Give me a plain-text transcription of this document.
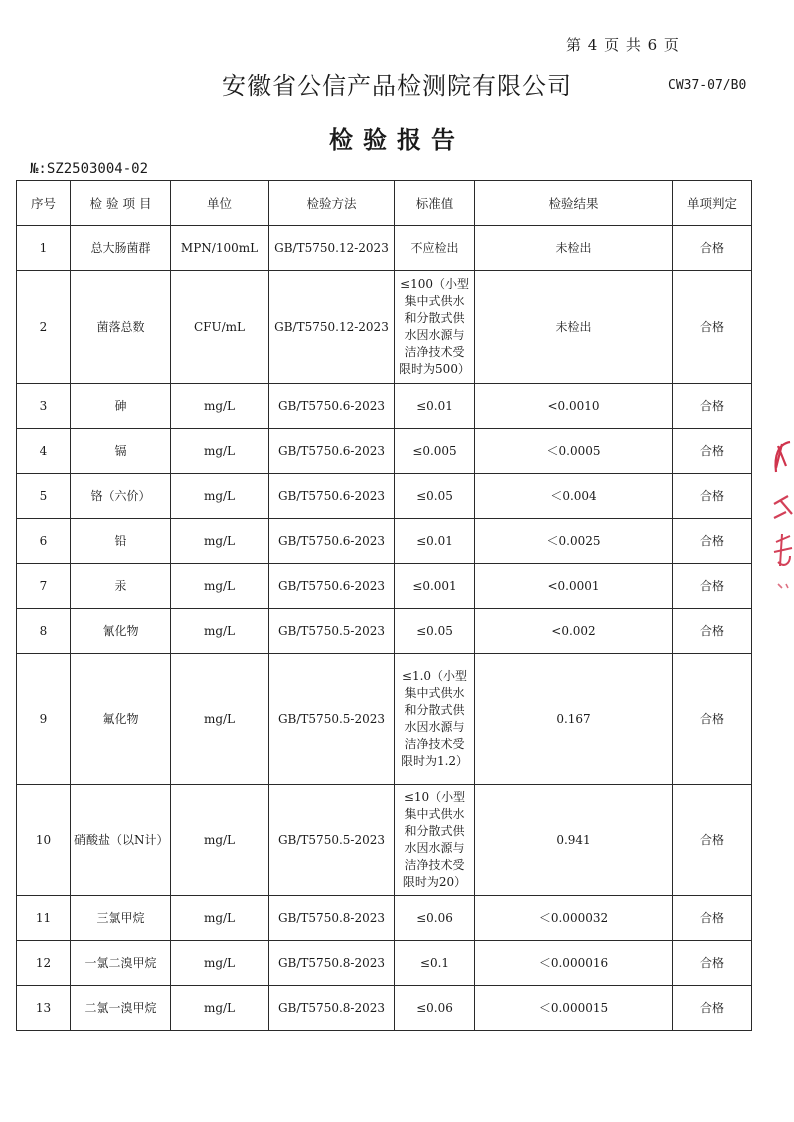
第 4 页 共 6 页
安徽省公信产品检测院有限公司	CW37-07/B0
检验报告
№:SZ2503004-02
序号	检 验 项 目	单位	检验方法	标准值	检验结果	单项判定
1	总大肠菌群	MPN/100mL	GB/T5750.12-2023	不应检出	未检出	合格
2	菌落总数	CFU/mL	GB/T5750.12-2023	≤100（小型集中式供水和分散式供水因水源与洁净技术受限时为500）	未检出	合格
3	砷	mg/L	GB/T5750.6-2023	≤0.01	<0.0010	合格
4	镉	mg/L	GB/T5750.6-2023	≤0.005	＜0.0005	合格
5	铬（六价）	mg/L	GB/T5750.6-2023	≤0.05	＜0.004	合格
6	铅	mg/L	GB/T5750.6-2023	≤0.01	＜0.0025	合格
7	汞	mg/L	GB/T5750.6-2023	≤0.001	<0.0001	合格
8	氰化物	mg/L	GB/T5750.5-2023	≤0.05	<0.002	合格
9	氟化物	mg/L	GB/T5750.5-2023	≤1.0（小型集中式供水和分散式供水因水源与洁净技术受限时为1.2）	0.167	合格
10	硝酸盐（以N计）	mg/L	GB/T5750.5-2023	≤10（小型集中式供水和分散式供水因水源与洁净技术受限时为20）	0.941	合格
11	三氯甲烷	mg/L	GB/T5750.8-2023	≤0.06	＜0.000032	合格
12	一氯二溴甲烷	mg/L	GB/T5750.8-2023	≤0.1	＜0.000016	合格
13	二氯一溴甲烷	mg/L	GB/T5750.8-2023	≤0.06	＜0.000015	合格
